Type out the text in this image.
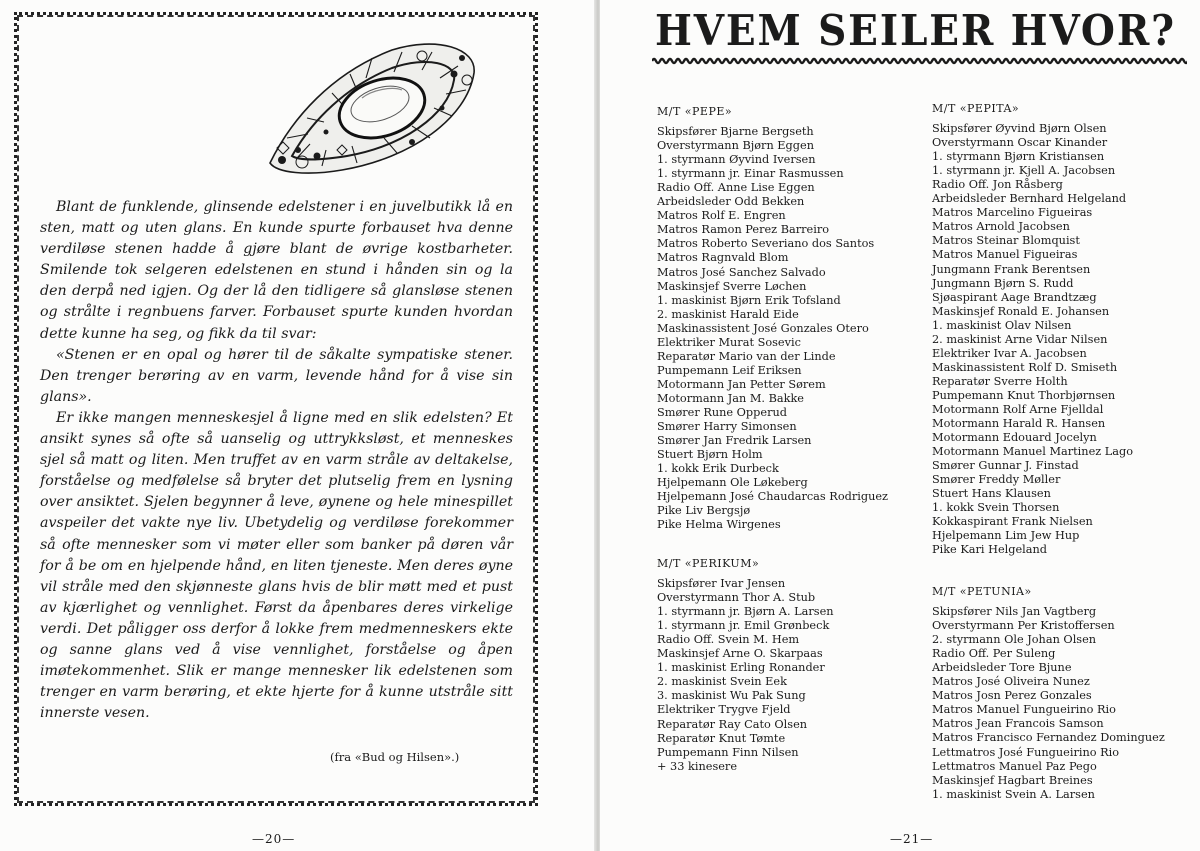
Blant de funklende, glinsende edelstener i en juvelbutikk lå en sten, matt og uten glans. En kunde spurte forbauset hva denne verdiløse stenen hadde å gjøre blant de øvrige kostbarheter. Smilende tok selgeren edelstenen en stund i hånden sin og la den derpå ned igjen. Og der lå den tidligere så glansløse stenen og strålte i regnbuens farver. Forbauset spurte kunden hvordan dette kunne ha seg, og fikk da til svar:

«Stenen er en opal og hører til de såkalte sympatiske stener. Den trenger berøring av en varm, levende hånd for å vise sin glans».

Er ikke mangen menneskesjel å ligne med en slik edelsten? Et ansikt synes så ofte så uanselig og uttrykksløst, et menneskes sjel så matt og liten. Men truffet av en varm stråle av deltakelse, forståelse og medfølelse så bryter det plutselig frem en lysning over ansiktet. Sjelen begynner å leve, øynene og hele minespillet avspeiler det vakte nye liv. Ubetydelig og verdiløse forekommer så ofte mennesker som vi møter eller som banker på døren vår for å be om en hjelpende hånd, en liten tjeneste. Men deres øyne vil stråle med den skjønneste glans hvis de blir møtt med et pust av kjærlighet og vennlighet. Først da åpenbares deres virkelige verdi. Det påligger oss derfor å lokke frem medmenneskers ekte og sanne glans ved å vise vennlighet, forståelse og åpen imøtekommenhet. Slik er mange mennesker lik edelstenen som trenger en varm berøring, et ekte hjerte for å kunne utstråle sitt innerste vesen.

(fra «Bud og Hilsen».)
—20—
HVEM SEILER HVOR?
M/T «PEPE»
Skipsfører Bjarne Bergseth
Overstyrmann Bjørn Eggen
1. styrmann Øyvind Iversen
1. styrmann jr. Einar Rasmussen
Radio Off. Anne Lise Eggen
Arbeidsleder Odd Bekken
Matros Rolf E. Engren
Matros Ramon Perez Barreiro
Matros Roberto Severiano dos Santos
Matros Ragnvald Blom
Matros José Sanchez Salvado
Maskinsjef Sverre Løchen
1. maskinist Bjørn Erik Tofsland
2. maskinist Harald Eide
Maskinassistent José Gonzales Otero
Elektriker Murat Sosevic
Reparatør Mario van der Linde
Pumpemann Leif Eriksen
Motormann Jan Petter Sørem
Motormann Jan M. Bakke
Smører Rune Opperud
Smører Harry Simonsen
Smører Jan Fredrik Larsen
Stuert Bjørn Holm
1. kokk Erik Durbeck
Hjelpemann Ole Løkeberg
Hjelpemann José Chaudarcas Rodriguez
Pike Liv Bergsjø
Pike Helma Wirgenes
M/T «PERIKUM»
Skipsfører Ivar Jensen
Overstyrmann Thor A. Stub
1. styrmann jr. Bjørn A. Larsen
1. styrmann jr. Emil Grønbeck
Radio Off. Svein M. Hem
Maskinsjef Arne O. Skarpaas
1. maskinist Erling Ronander
2. maskinist Svein Eek
3. maskinist Wu Pak Sung
Elektriker Trygve Fjeld
Reparatør Ray Cato Olsen
Reparatør Knut Tømte
Pumpemann Finn Nilsen
+ 33 kinesere
M/T «PEPITA»
Skipsfører Øyvind Bjørn Olsen
Overstyrmann Oscar Kinander
1. styrmann Bjørn Kristiansen
1. styrmann jr. Kjell A. Jacobsen
Radio Off. Jon Råsberg
Arbeidsleder Bernhard Helgeland
Matros Marcelino Figueiras
Matros Arnold Jacobsen
Matros Steinar Blomquist
Matros Manuel Figueiras
Jungmann Frank Berentsen
Jungmann Bjørn S. Rudd
Sjøaspirant Aage Brandtzæg
Maskinsjef Ronald E. Johansen
1. maskinist Olav Nilsen
2. maskinist Arne Vidar Nilsen
Elektriker Ivar A. Jacobsen
Maskinassistent Rolf D. Smiseth
Reparatør Sverre Holth
Pumpemann Knut Thorbjørnsen
Motormann Rolf Arne Fjelldal
Motormann Harald R. Hansen
Motormann Edouard Jocelyn
Motormann Manuel Martinez Lago
Smører Gunnar J. Finstad
Smører Freddy Møller
Stuert Hans Klausen
1. kokk Svein Thorsen
Kokkaspirant Frank Nielsen
Hjelpemann Lim Jew Hup
Pike Kari Helgeland
M/T «PETUNIA»
Skipsfører Nils Jan Vagtberg
Overstyrmann Per Kristoffersen
2. styrmann Ole Johan Olsen
Radio Off. Per Suleng
Arbeidsleder Tore Bjune
Matros José Oliveira Nunez
Matros Josn Perez Gonzales
Matros Manuel Fungueirino Rio
Matros Jean Francois Samson
Matros Francisco Fernandez Dominguez
Lettmatros José Fungueirino Rio
Lettmatros Manuel Paz Pego
Maskinsjef Hagbart Breines
1. maskinist Svein A. Larsen
—21—
